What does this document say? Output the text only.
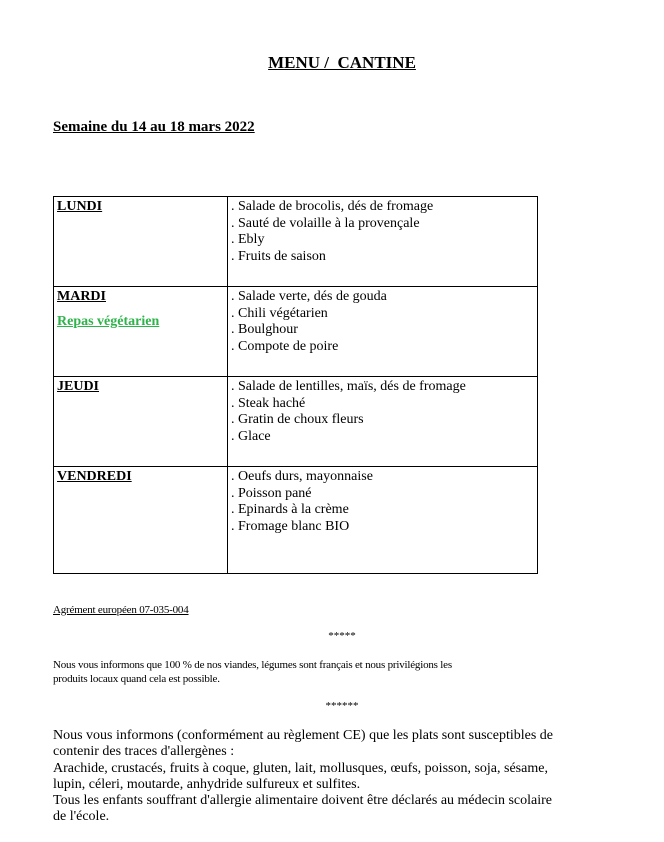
MENU /  CANTINE
Semaine du 14 au 18 mars 2022
LUNDI	. Salade de brocolis, dés de fromage
. Sauté de volaille à la provençale
. Ebly
. Fruits de saison

MARDI
Repas végétarien	. Salade verte, dés de gouda
. Chili végétarien
. Boulghour
. Compote de poire

JEUDI	. Salade de lentilles, maïs, dés de fromage
. Steak haché
. Gratin de choux fleurs
. Glace

VENDREDI	. Oeufs durs, mayonnaise
. Poisson pané
. Epinards à la crème
. Fromage blanc BIO
Agrément européen 07-035-004
*****
Nous vous informons que 100 % de nos viandes, légumes sont français et nous privilégions les
produits locaux quand cela est possible.
******
Nous vous informons (conformément au règlement CE) que les plats sont susceptibles de
contenir des traces d'allergènes :
Arachide, crustacés, fruits à coque, gluten, lait, mollusques, œufs, poisson, soja, sésame,
lupin, céleri, moutarde, anhydride sulfureux et sulfites.
Tous les enfants souffrant d'allergie alimentaire doivent être déclarés au médecin scolaire
de l'école.
